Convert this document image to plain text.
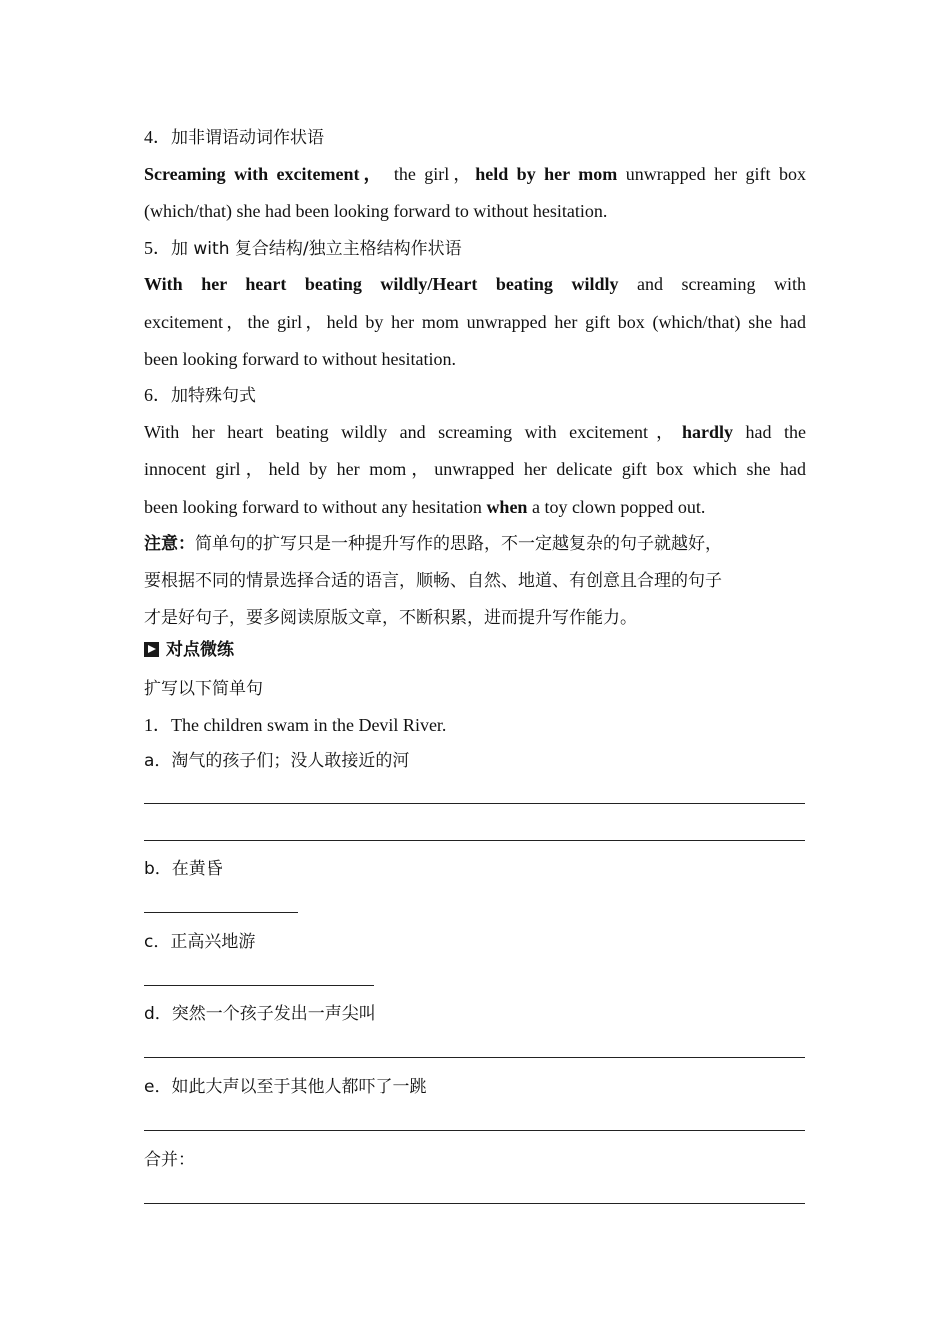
4．加非谓语动词作状语
Screaming with excitement， the girl，held by her mom unwrapped her gift box
(which/that) she had been looking forward to without hesitation.
5．加 with 复合结构/独立主格结构作状语
With her heart beating wildly/Heart beating wildly and screaming with
excitement，the girl，held by her mom unwrapped her gift box (which/that) she had
been looking forward to without hesitation.
6．加特殊句式
With her heart beating wildly and screaming with excitement，hardly had the
innocent girl，held by her mom，unwrapped her delicate gift box which she had
been looking forward to without any hesitation when a toy clown popped out.
注意：简单句的扩写只是一种提升写作的思路，不一定越复杂的句子就越好，
要根据不同的情景选择合适的语言，顺畅、自然、地道、有创意且合理的句子
才是好句子，要多阅读原版文章，不断积累，进而提升写作能力。
对点微练
扩写以下简单句
1．The children swam in the Devil River.
a．淘气的孩子们；没人敢接近的河
b．在黄昏
c．正高兴地游
d．突然一个孩子发出一声尖叫
e．如此大声以至于其他人都吓了一跳
合并：
